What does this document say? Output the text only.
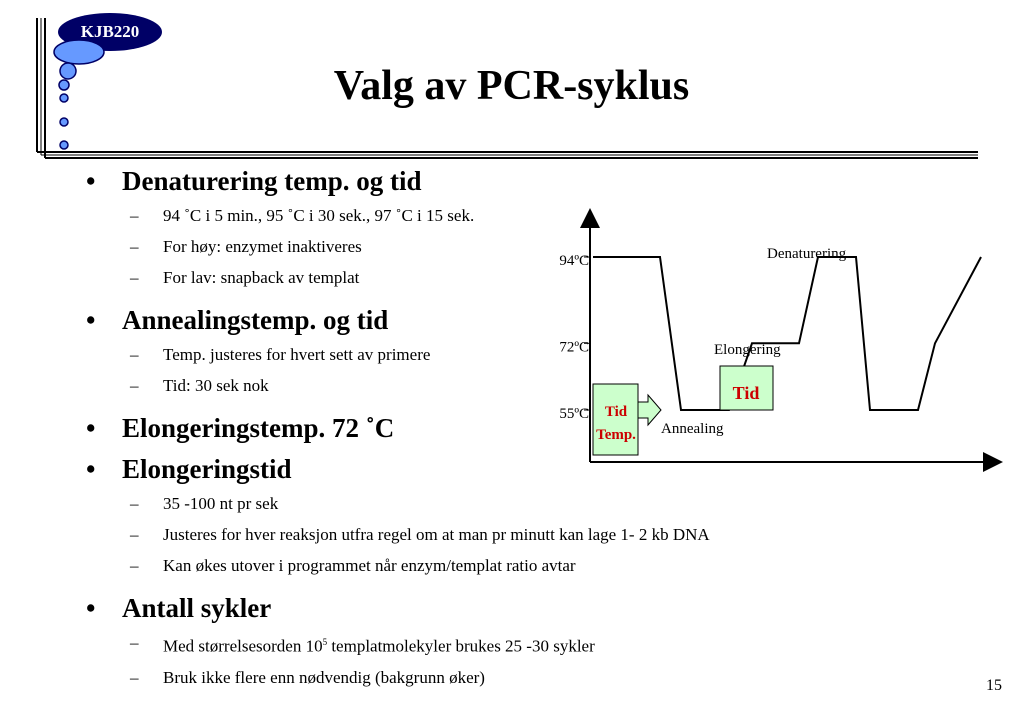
KJB220
Valg av PCR-syklus
• Denaturering temp. og tid
– 94 ˚C i 5 min., 95 ˚C i 30 sek., 97 ˚C i 15 sek.
– For høy: enzymet inaktiveres
– For lav: snapback av templat
• Annealingstemp. og tid
– Temp. justeres for hvert sett av primere
– Tid: 30 sek nok
• Elongeringstemp. 72 ˚C
• Elongeringstid
– 35 -100 nt pr sek
– Justeres for hver reaksjon utfra regel om at man pr minutt kan lage 1- 2 kb DNA
– Kan økes utover i programmet når enzym/templat ratio avtar
• Antall sykler
– Med størrelsesorden $10^5$ templatmolekyler brukes 25 -30 sykler
– Bruk ikke flere enn nødvendig (bakgrunn øker)
94ºC
72ºC
55ºC
Denaturering
Elongering
Annealing
Tid
Temp.
Tid
15
